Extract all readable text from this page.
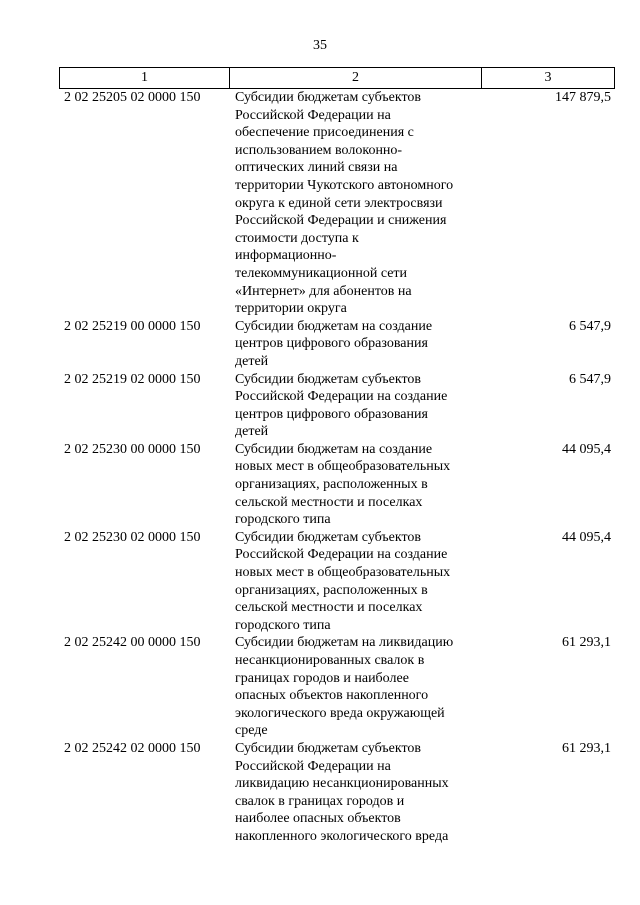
35
1	2	3
2 02 25205 02 0000 150	Субсидии бюджетам субъектов
Российской Федерации на
обеспечение присоединения с
использованием волоконно-
оптических линий связи на
территории Чукотского автономного
округа к единой сети электросвязи
Российской Федерации и снижения
стоимости доступа к
информационно-
телекоммуникационной сети
«Интернет» для абонентов на
территории округа
147 879,5
2 02 25219 00 0000 150	Субсидии бюджетам на создание
центров цифрового образования
детей
6 547,9
2 02 25219 02 0000 150	Субсидии бюджетам субъектов
Российской Федерации на создание
центров цифрового образования
детей
6 547,9
2 02 25230 00 0000 150	Субсидии бюджетам на создание
новых мест в общеобразовательных
организациях, расположенных в
сельской местности и поселках
городского типа
44 095,4
2 02 25230 02 0000 150	Субсидии бюджетам субъектов
Российской Федерации на создание
новых мест в общеобразовательных
организациях, расположенных в
сельской местности и поселках
городского типа
44 095,4
2 02 25242 00 0000 150	Субсидии бюджетам на ликвидацию
несанкционированных свалок в
границах городов и наиболее
опасных объектов накопленного
экологического вреда окружающей
среде
61 293,1
2 02 25242 02 0000 150	Субсидии бюджетам субъектов
Российской Федерации на
ликвидацию несанкционированных
свалок в границах городов и
наиболее опасных объектов
накопленного экологического вреда
61 293,1
